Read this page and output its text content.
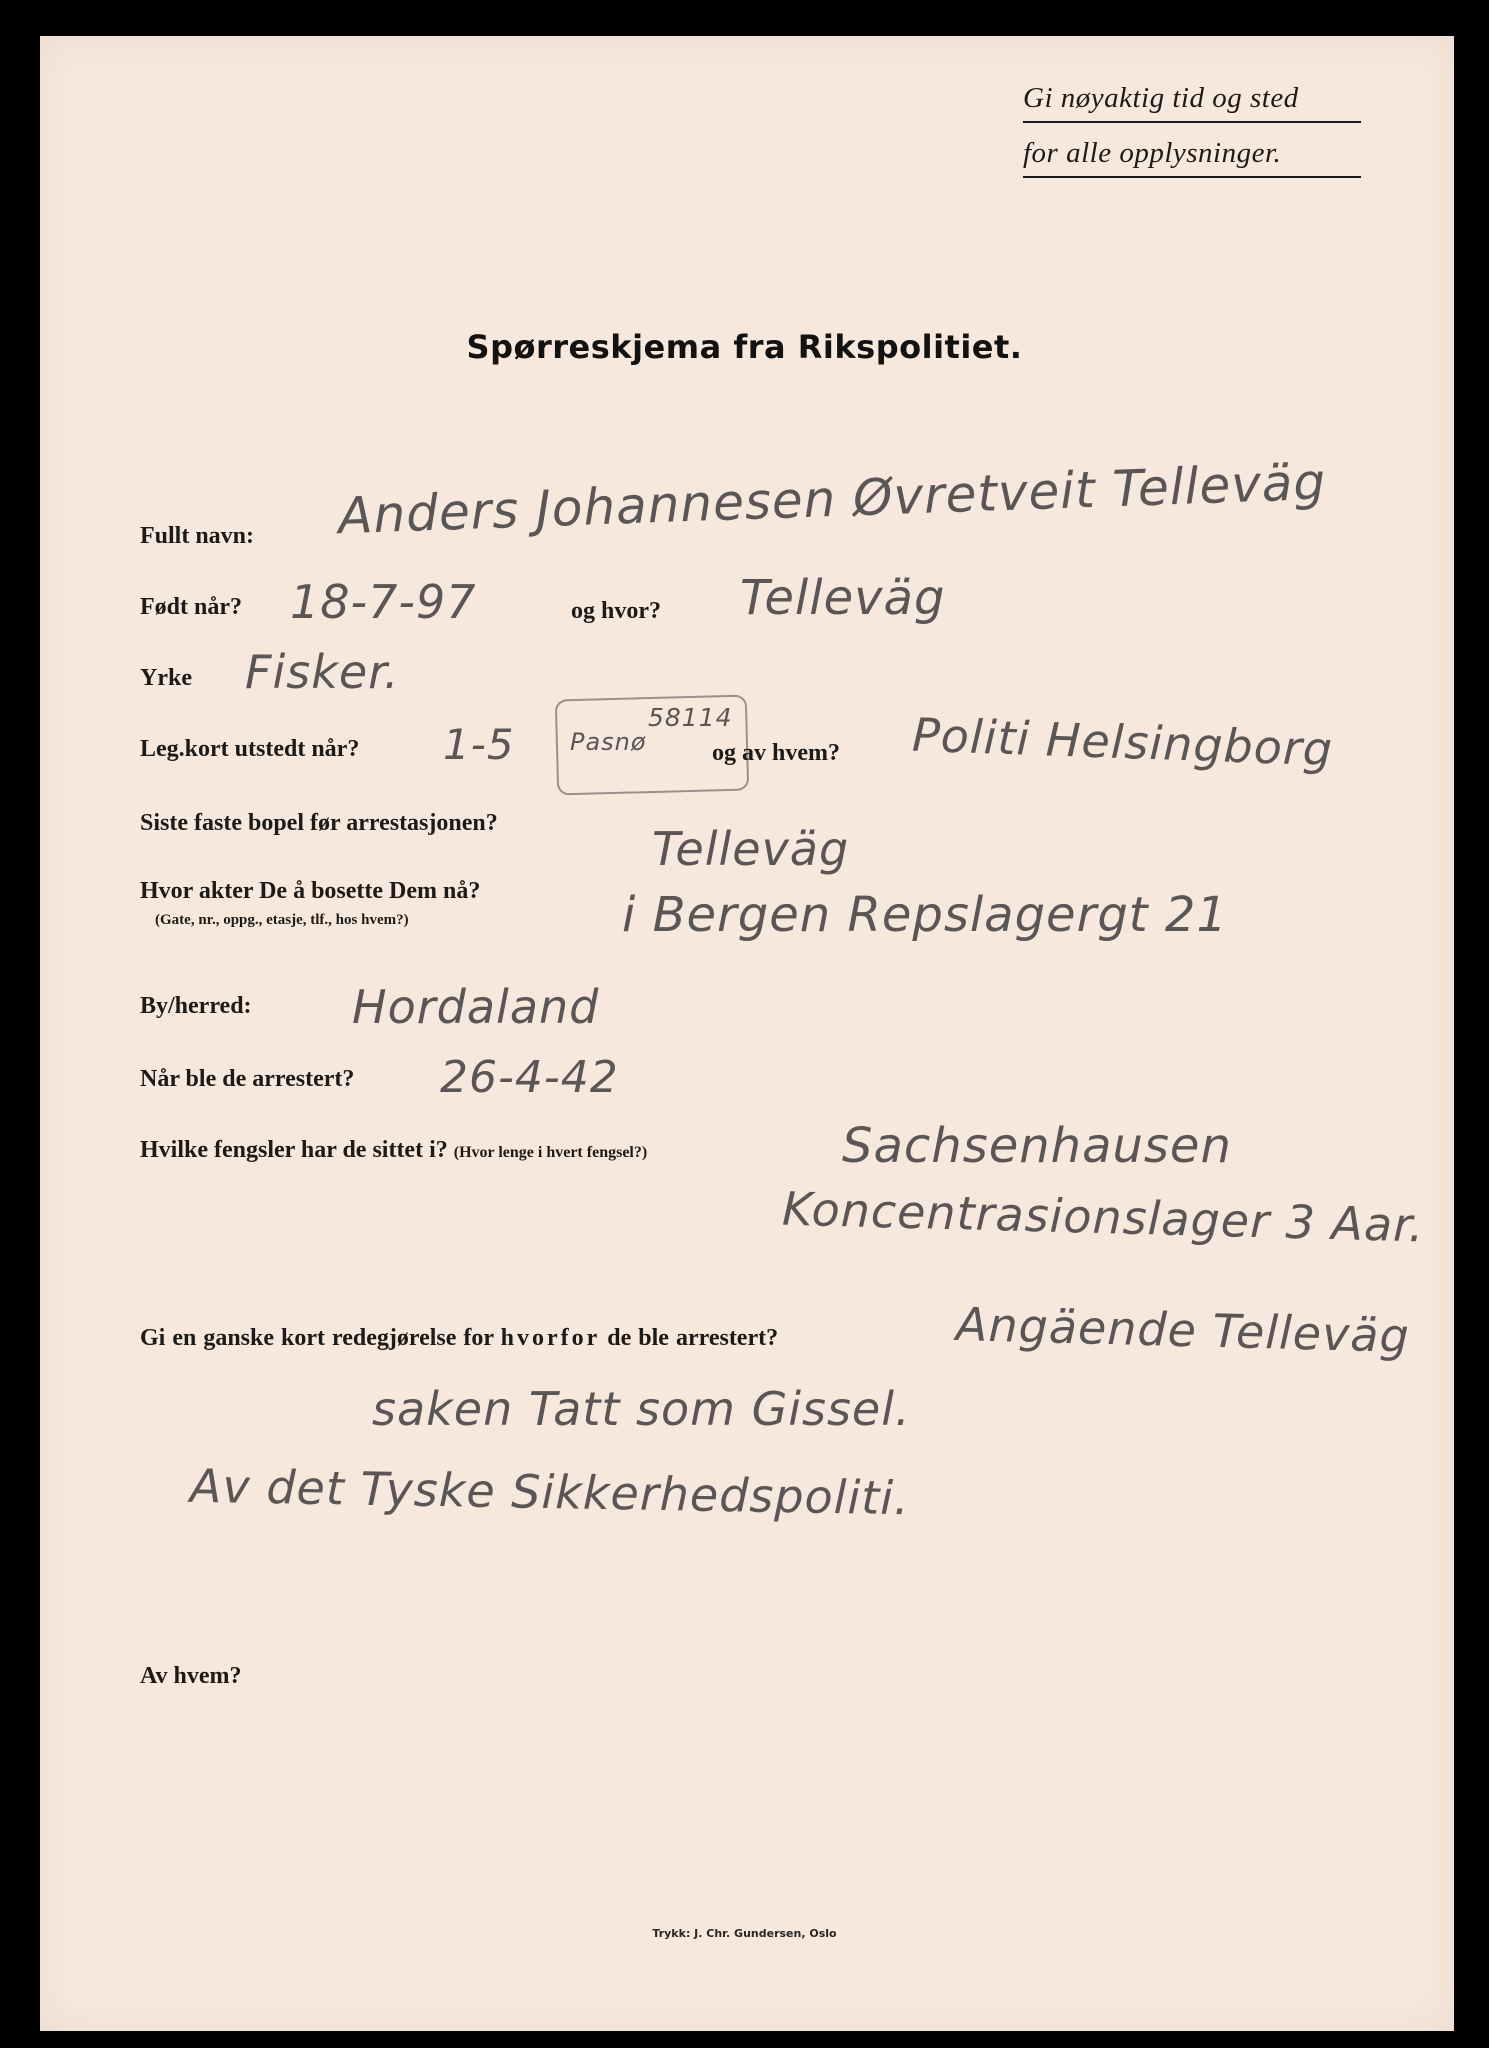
Gi nøyaktig tid og sted
for alle opplysninger.
Spørreskjema fra Rikspolitiet.
Fullt navn: Anders Johannesen Øvretveit Telleväg
Født når? 18-7-97	og hvor? Telleväg
Yrke Fisker.
Leg.kort utstedt når? 1-5 Pasnø
58114
og av hvem? Politi Helsingborg
Siste faste bopel før arrestasjonen?	Telleväg
Hvor akter De å bosette Dem nå?
(Gate, nr., oppg., etasje, tlf., hos hvem?)	i Bergen Repslagergt 21
By/herred: Hordaland
Når ble de arrestert? 26-4-42
Hvilke fengsler har de sittet i? (Hvor lenge i hvert fengsel?)	Sachsenhausen
Koncentrasionslager 3 Aar.
Gi en ganske kort redegjørelse for hvorfor de ble arrestert?	Angäende Telleväg
saken Tatt som Gissel.
Av det Tyske Sikkerhedspoliti.
Av hvem?
Trykk: J. Chr. Gundersen, Oslo
